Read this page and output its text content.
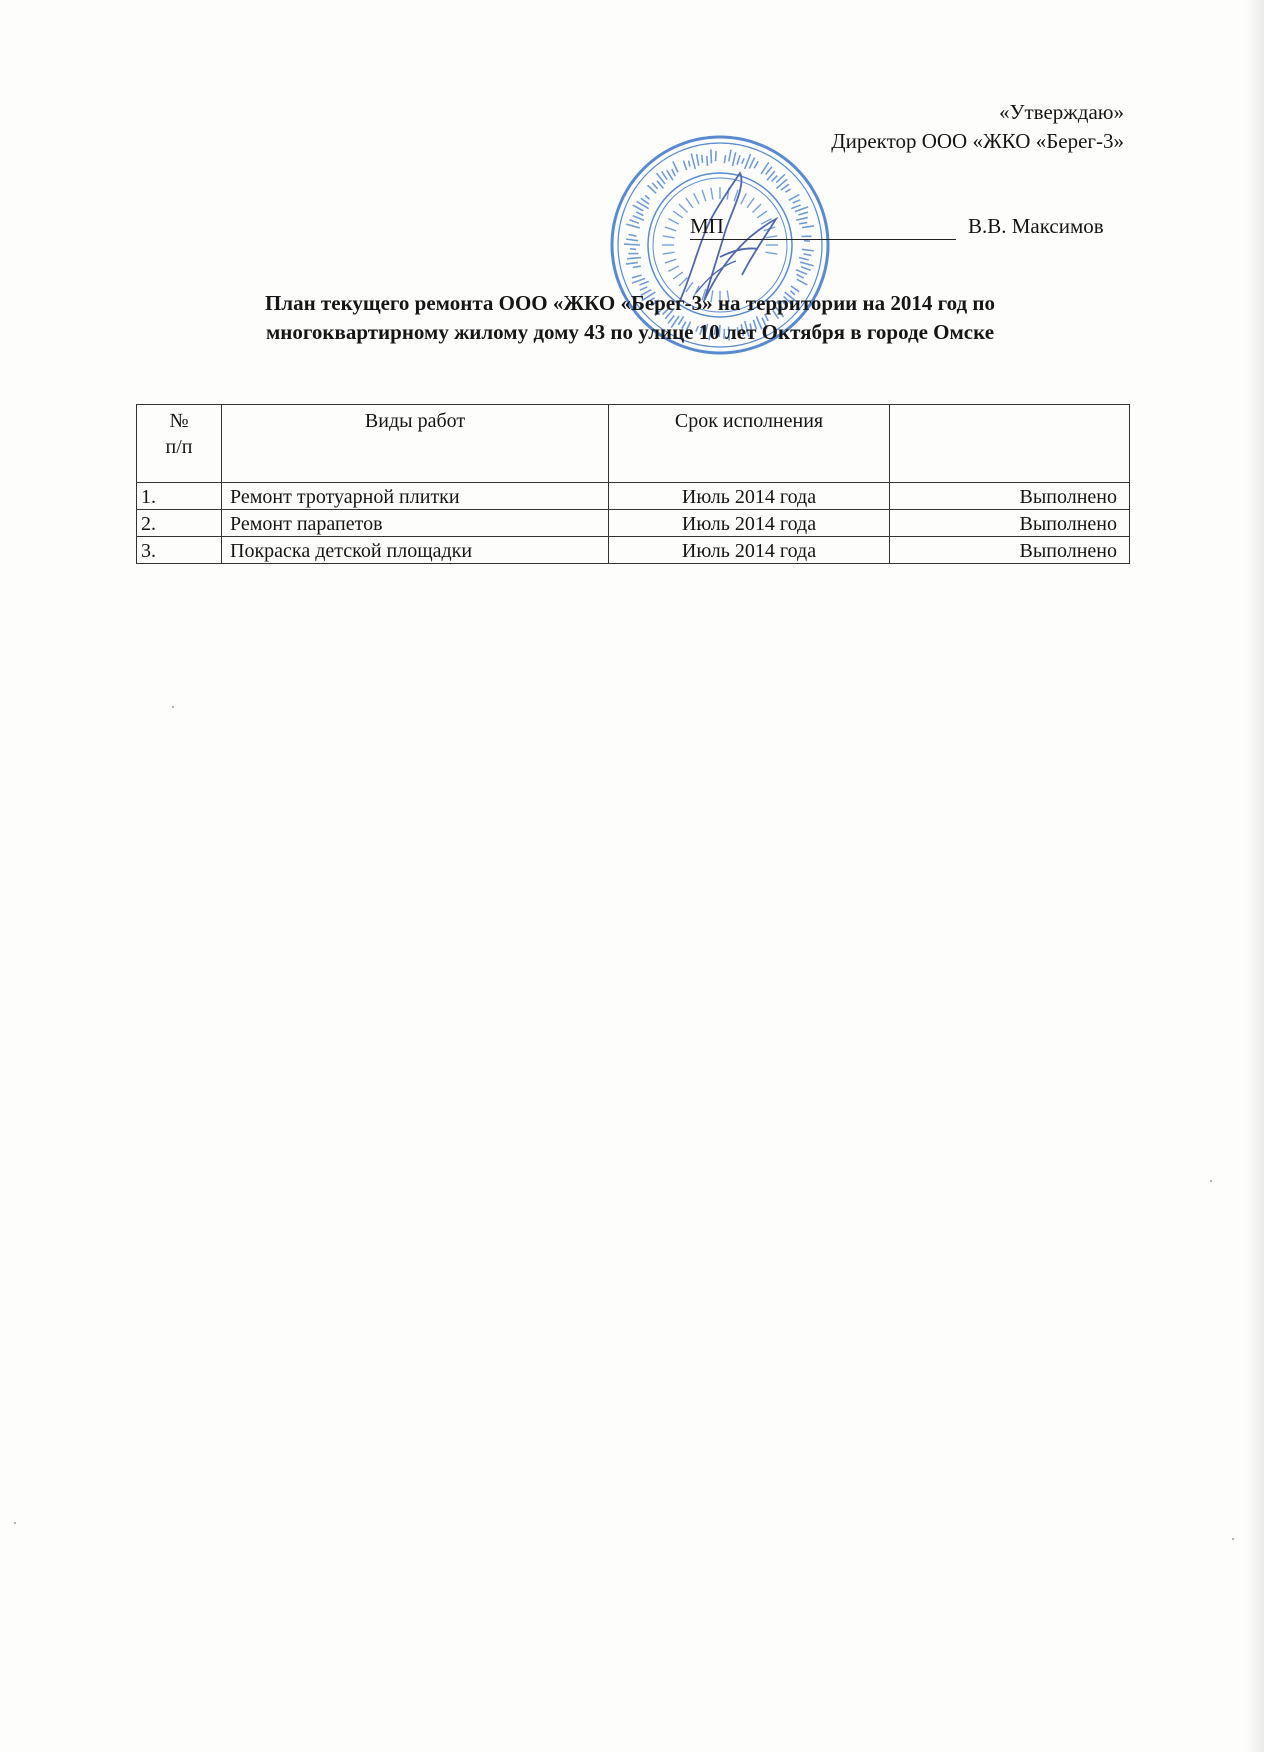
«Утверждаю»
Директор ООО «ЖКО «Берег-3»
МП	В.В. Максимов
План текущего ремонта ООО «ЖКО «Берег-3» на территории на 2014 год по
многоквартирному жилому дому 43 по улице 10 лет Октября в городе Омске
№
п/п	Виды работ	Срок исполнения	
1.	Ремонт тротуарной плитки	Июль 2014 года	Выполнено
2.	Ремонт парапетов	Июль 2014 года	Выполнено
3.	Покраска детской площадки	Июль 2014 года	Выполнено
